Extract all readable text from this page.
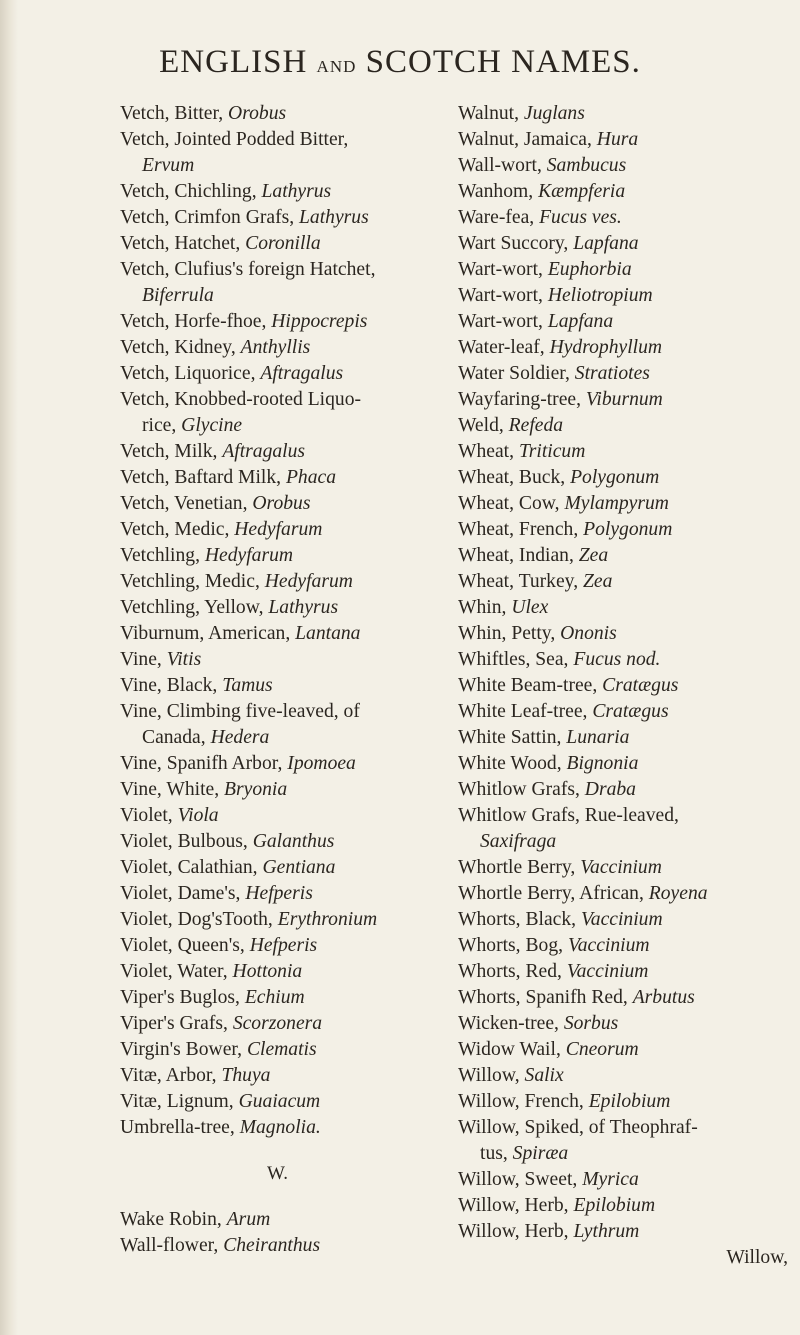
ENGLISH AND SCOTCH NAMES.
Vetch, Bitter, Orobus
Vetch, Jointed Podded Bitter,
Ervum
Vetch, Chichling, Lathyrus
Vetch, Crimfon Grafs, Lathyrus
Vetch, Hatchet, Coronilla
Vetch, Clufius's foreign Hatchet,
Biferrula
Vetch, Horfe-fhoe, Hippocrepis
Vetch, Kidney, Anthyllis
Vetch, Liquorice, Aftragalus
Vetch, Knobbed-rooted Liquo-
rice, Glycine
Vetch, Milk, Aftragalus
Vetch, Baftard Milk, Phaca
Vetch, Venetian, Orobus
Vetch, Medic, Hedyfarum
Vetchling, Hedyfarum
Vetchling, Medic, Hedyfarum
Vetchling, Yellow, Lathyrus
Viburnum, American, Lantana
Vine, Vitis
Vine, Black, Tamus
Vine, Climbing five-leaved, of
Canada, Hedera
Vine, Spanifh Arbor, Ipomoea
Vine, White, Bryonia
Violet, Viola
Violet, Bulbous, Galanthus
Violet, Calathian, Gentiana
Violet, Dame's, Hefperis
Violet, Dog'sTooth, Erythronium
Violet, Queen's, Hefperis
Violet, Water, Hottonia
Viper's Buglos, Echium
Viper's Grafs, Scorzonera
Virgin's Bower, Clematis
Vitæ, Arbor, Thuya
Vitæ, Lignum, Guaiacum
Umbrella-tree, Magnolia.
W.
Wake Robin, Arum
Wall-flower, Cheiranthus
Walnut, Juglans
Walnut, Jamaica, Hura
Wall-wort, Sambucus
Wanhom, Kæmpferia
Ware-fea, Fucus ves.
Wart Succory, Lapfana
Wart-wort, Euphorbia
Wart-wort, Heliotropium
Wart-wort, Lapfana
Water-leaf, Hydrophyllum
Water Soldier, Stratiotes
Wayfaring-tree, Viburnum
Weld, Refeda
Wheat, Triticum
Wheat, Buck, Polygonum
Wheat, Cow, Mylampyrum
Wheat, French, Polygonum
Wheat, Indian, Zea
Wheat, Turkey, Zea
Whin, Ulex
Whin, Petty, Ononis
Whiftles, Sea, Fucus nod.
White Beam-tree, Cratægus
White Leaf-tree, Cratægus
White Sattin, Lunaria
White Wood, Bignonia
Whitlow Grafs, Draba
Whitlow Grafs, Rue-leaved,
Saxifraga
Whortle Berry, Vaccinium
Whortle Berry, African, Royena
Whorts, Black, Vaccinium
Whorts, Bog, Vaccinium
Whorts, Red, Vaccinium
Whorts, Spanifh Red, Arbutus
Wicken-tree, Sorbus
Widow Wail, Cneorum
Willow, Salix
Willow, French, Epilobium
Willow, Spiked, of Theophraf-
tus, Spiræa
Willow, Sweet, Myrica
Willow, Herb, Epilobium
Willow, Herb, Lythrum
Willow,
